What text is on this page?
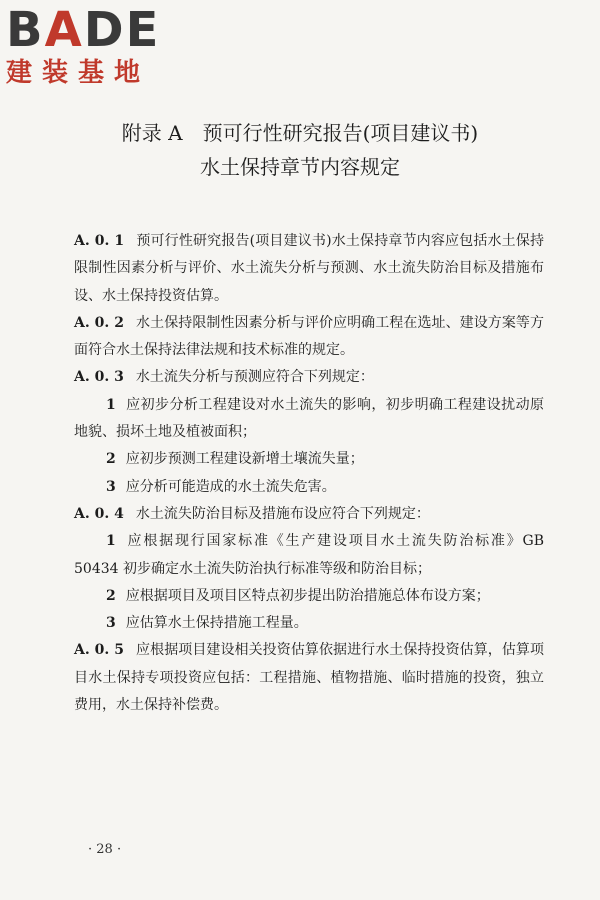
BADE
建装基地
附录 A　预可行性研究报告(项目建议书)
水土保持章节内容规定

A. 0. 1 预可行性研究报告(项目建议书)水土保持章节内容应包括水土保持限制性因素分析与评价、水土流失分析与预测、水土流失防治目标及措施布设、水土保持投资估算。

A. 0. 2 水土保持限制性因素分析与评价应明确工程在选址、建设方案等方面符合水土保持法律法规和技术标准的规定。

A. 0. 3 水土流失分析与预测应符合下列规定：

1 应初步分析工程建设对水土流失的影响，初步明确工程建设扰动原地貌、损坏土地及植被面积；

2 应初步预测工程建设新增土壤流失量；

3 应分析可能造成的水土流失危害。

A. 0. 4 水土流失防治目标及措施布设应符合下列规定：

1 应根据现行国家标准《生产建设项目水土流失防治标准》GB 50434 初步确定水土流失防治执行标准等级和防治目标；

2 应根据项目及项目区特点初步提出防治措施总体布设方案；

3 应估算水土保持措施工程量。

A. 0. 5 应根据项目建设相关投资估算依据进行水土保持投资估算，估算项目水土保持专项投资应包括：工程措施、植物措施、临时措施的投资，独立费用，水土保持补偿费。

· 28 ·
